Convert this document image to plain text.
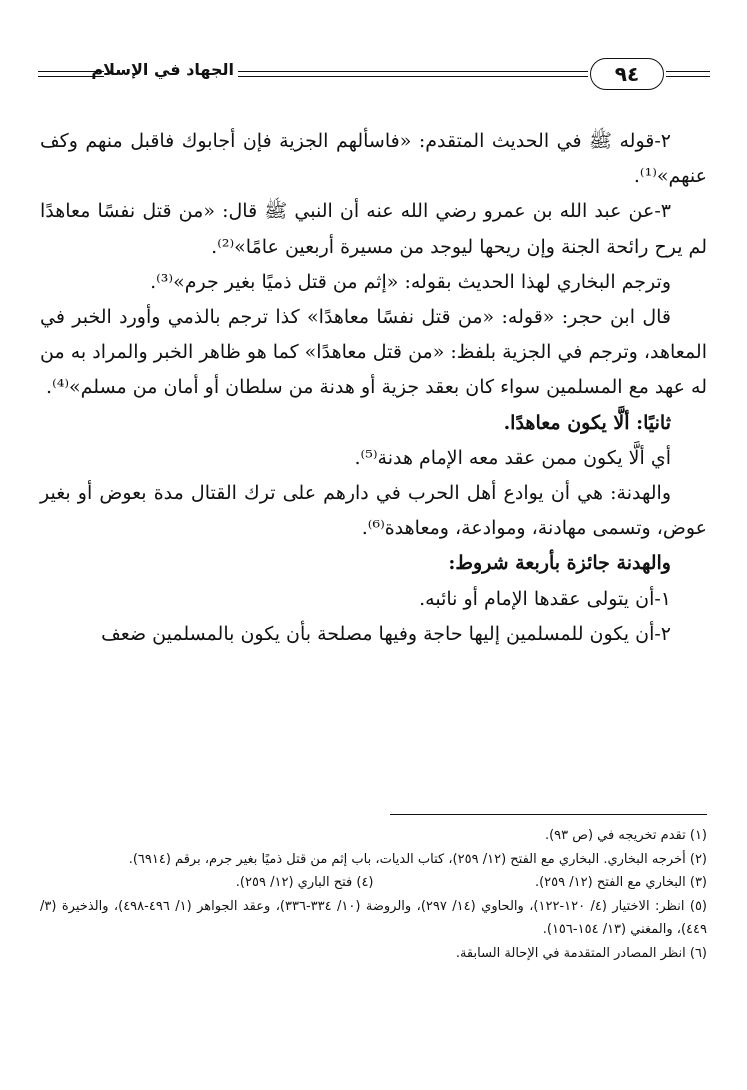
الجهاد في الإسلام	٩٤

٢-قوله ﷺ في الحديث المتقدم: «فاسألهم الجزية فإن أجابوك فاقبل منهم وكف عنهم»⁽¹⁾.

٣-عن عبد الله بن عمرو رضي الله عنه أن النبي ﷺ قال: «من قتل نفسًا معاهدًا لم يرح رائحة الجنة وإن ريحها ليوجد من مسيرة أربعين عامًا»⁽²⁾.

وترجم البخاري لهذا الحديث بقوله: «إثم من قتل ذميًا بغير جرم»⁽³⁾.

قال ابن حجر: «قوله: «من قتل نفسًا معاهدًا» كذا ترجم بالذمي وأورد الخبر في المعاهد، وترجم في الجزية بلفظ: «من قتل معاهدًا» كما هو ظاهر الخبر والمراد به من له عهد مع المسلمين سواء كان بعقد جزية أو هدنة من سلطان أو أمان من مسلم»⁽⁴⁾.

ثانيًا: ألَّا يكون معاهدًا.

أي ألَّا يكون ممن عقد معه الإمام هدنة⁽⁵⁾.

والهدنة: هي أن يوادع أهل الحرب في دارهم على ترك القتال مدة بعوض أو بغير عوض، وتسمى مهادنة، وموادعة، ومعاهدة⁽⁶⁾.

والهدنة جائزة بأربعة شروط:

١-أن يتولى عقدها الإمام أو نائبه.

٢-أن يكون للمسلمين إليها حاجة وفيها مصلحة بأن يكون بالمسلمين ضعف

(١) تقدم تخريجه في (ص ٩٣).

(٢) أخرجه البخاري. البخاري مع الفتح (١٢/ ٢٥٩)، كتاب الديات، باب إثم من قتل ذميًا بغير جرم، برقم (٦٩١٤).

(٣) البخاري مع الفتح (١٢/ ٢٥٩).

(٤) فتح الباري (١٢/ ٢٥٩).

(٥) انظر: الاختيار (٤/ ١٢٠-١٢٢)، والحاوي (١٤/ ٢٩٧)، والروضة (١٠/ ٣٣٤-٣٣٦)، وعقد الجواهر (١/ ٤٩٦-٤٩٨)، والذخيرة (٣/ ٤٤٩)، والمغني (١٣/ ١٥٤-١٥٦).

(٦) انظر المصادر المتقدمة في الإحالة السابقة.
